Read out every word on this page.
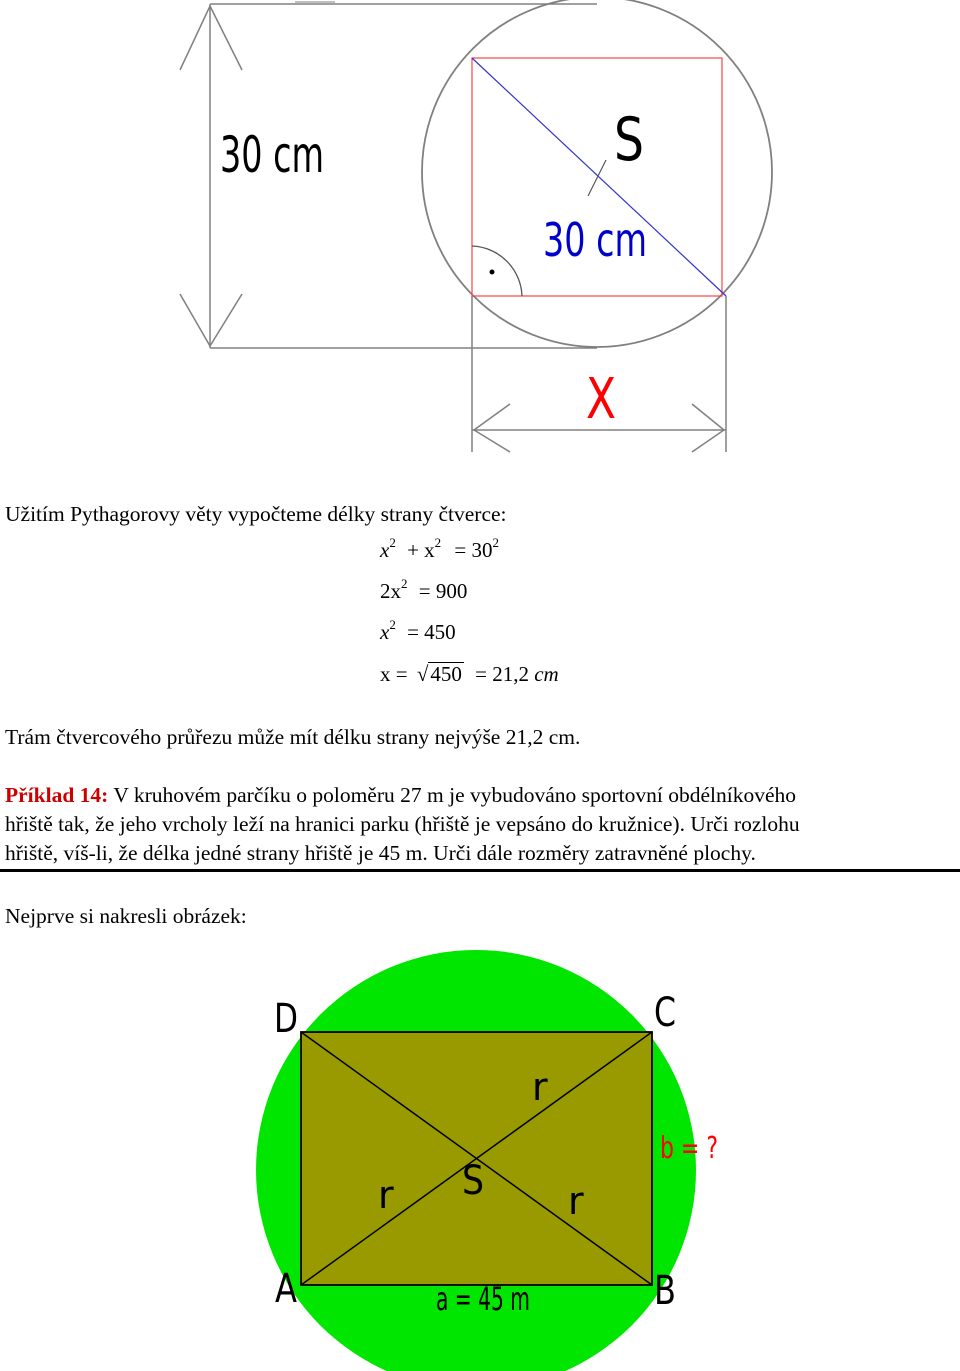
30 cm	S
30 cm
X
Užitím Pythagorovy věty vypočteme délky strany čtverce:
$x^2 + x^2 = 30^2$
$2x^2 = 900$
$x^2 = 450$
x = √450 = 21,2 cm
Trám čtvercového průřezu může mít délku strany nejvýše 21,2 cm.
Příklad 14: V kruhovém parčíku o poloměru 27 m je vybudováno sportovní obdélníkového
hřiště tak, že jeho vrcholy leží na hranici parku (hřiště je vepsáno do kružnice). Urči rozlohu
hřiště, víš-li, že délka jedné strany hřiště je 45 m. Urči dále rozměry zatravněné plochy.
Nejprve si nakresli obrázek:
D	C
A	B
S
r
r	r
b = ?
a = 45 m
